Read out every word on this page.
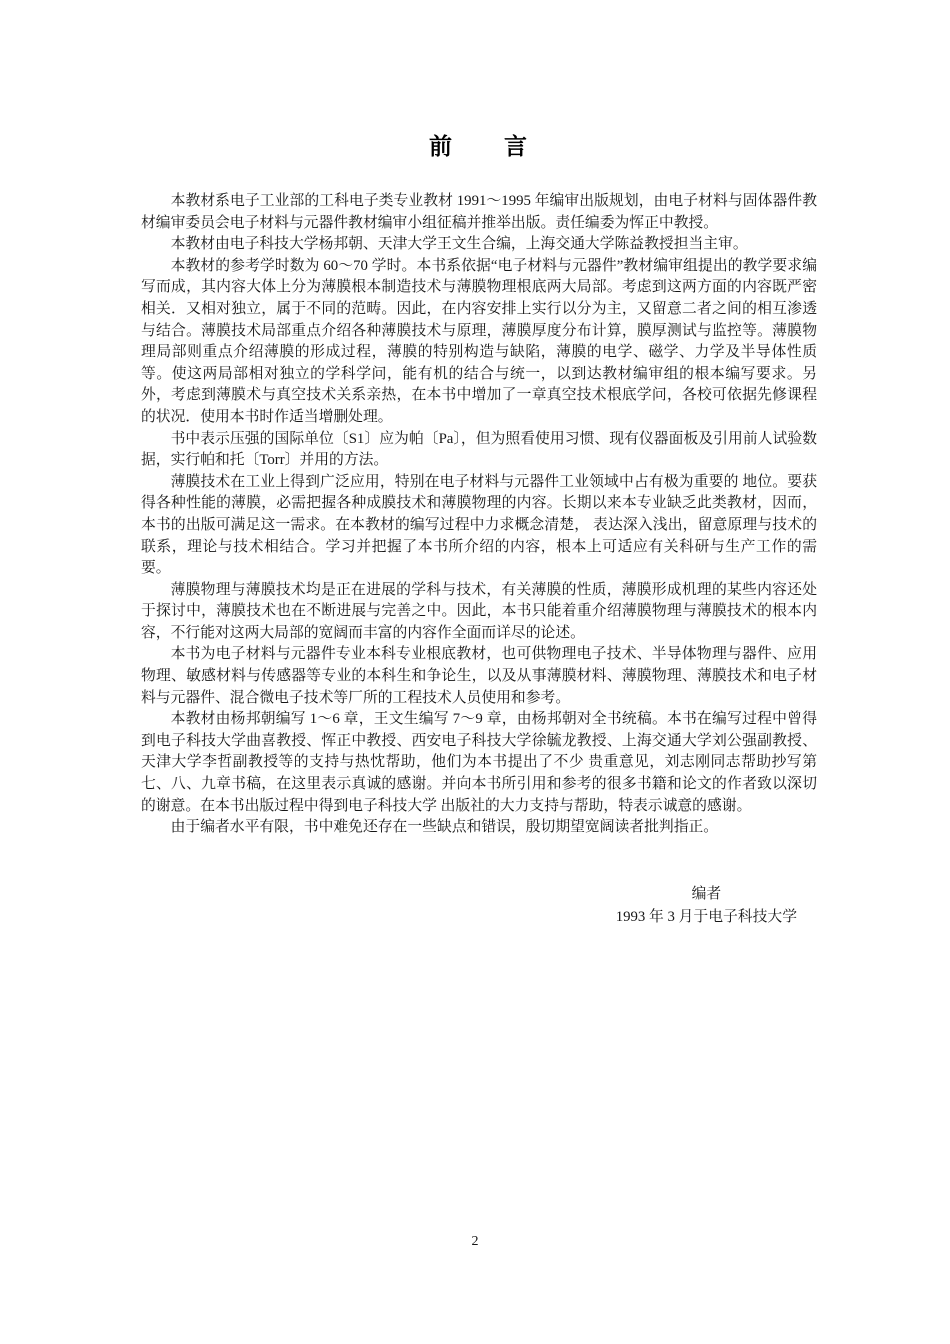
前　　言

本教材系电子工业部的工科电子类专业教材 1991～1995 年编审出版规划，由电子材料与固体器件教材编审委员会电子材料与元器件教材编审小组征稿并推举出版。责任编委为恽正中教授。

本教材由电子科技大学杨邦朝、天津大学王文生合编，上海交通大学陈益教授担当主审。

本教材的参考学时数为 60～70 学时。本书系依据“电子材料与元器件”教材编审组提出的教学要求编写而成，其内容大体上分为薄膜根本制造技术与薄膜物理根底两大局部。考虑到这两方面的内容既严密相关．又相对独立，属于不同的范畴。因此，在内容安排上实行以分为主，又留意二者之间的相互渗透与结合。薄膜技术局部重点介绍各种薄膜技术与原理，薄膜厚度分布计算，膜厚测试与监控等。薄膜物理局部则重点介绍薄膜的形成过程，薄膜的特别构造与缺陷，薄膜的电学、磁学、力学及半导体性质等。使这两局部相对独立的学科学问，能有机的结合与统一，以到达教材编审组的根本编写要求。另外，考虑到薄膜术与真空技术关系亲热，在本书中增加了一章真空技术根底学问，各校可依据先修课程的状况．使用本书时作适当增删处理。

书中表示压强的国际单位〔S1〕应为帕〔Pa〕，但为照看使用习惯、现有仪器面板及引用前人试验数据，实行帕和托〔Torr〕并用的方法。

薄膜技术在工业上得到广泛应用，特别在电子材料与元器件工业领域中占有极为重要的 地位。要获得各种性能的薄膜，必需把握各种成膜技术和薄膜物理的内容。长期以来本专业缺乏此类教材，因而，本书的出版可满足这一需求。在本教材的编写过程中力求概念清楚， 表达深入浅出，留意原理与技术的联系，理论与技术相结合。学习并把握了本书所介绍的内容，根本上可适应有关科研与生产工作的需要。

薄膜物理与薄膜技术均是正在进展的学科与技术，有关薄膜的性质，薄膜形成机理的某些内容还处于探讨中，薄膜技术也在不断进展与完善之中。因此，本书只能着重介绍薄膜物理与薄膜技术的根本内容，不行能对这两大局部的宽阔而丰富的内容作全面而详尽的论述。

本书为电子材料与元器件专业本科专业根底教材，也可供物理电子技术、半导体物理与器件、应用物理、敏感材料与传感器等专业的本科生和争论生，以及从事薄膜材料、薄膜物理、薄膜技术和电子材料与元器件、混合微电子技术等厂所的工程技术人员使用和参考。

本教材由杨邦朝编写 1～6 章，王文生编写 7～9 章，由杨邦朝对全书统稿。本书在编写过程中曾得到电子科技大学曲喜教授、恽正中教授、西安电子科技大学徐毓龙教授、上海交通大学刘公强副教授、天津大学李哲副教授等的支持与热忱帮助，他们为本书提出了不少 贵重意见，刘志刚同志帮助抄写第七、八、九章书稿，在这里表示真诚的感谢。并向本书所引用和参考的很多书籍和论文的作者致以深切的谢意。在本书出版过程中得到电子科技大学 出版社的大力支持与帮助，特表示诚意的感谢。

由于编者水平有限，书中难免还存在一些缺点和错误，殷切期望宽阔读者批判指正。

编者
1993 年 3 月于电子科技大学
2
